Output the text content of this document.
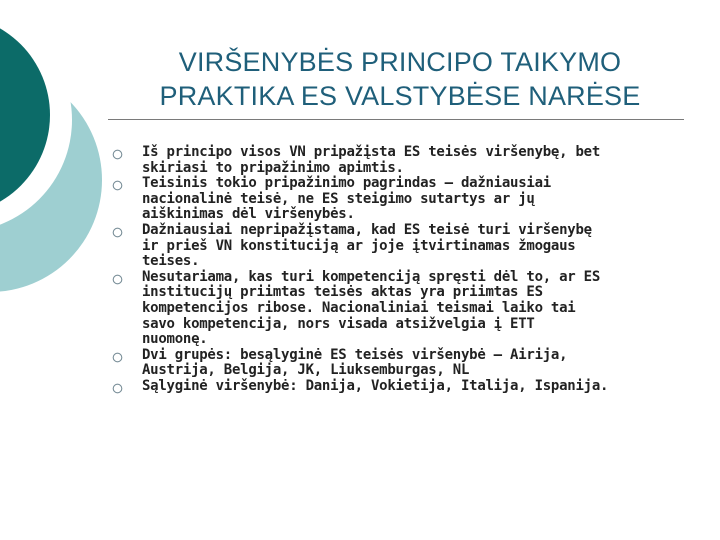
VIRŠENYBĖS PRINCIPO TAIKYMO
PRAKTIKA ES VALSTYBĖSE NARĖSE
Iš principo visos VN pripažįsta ES teisės viršenybę, bet
skiriasi to pripažinimo apimtis.
Teisinis tokio pripažinimo pagrindas – dažniausiai
nacionalinė teisė, ne ES steigimo sutartys ar jų
aiškinimas dėl viršenybės.
Dažniausiai nepripažįstama, kad ES teisė turi viršenybę
ir prieš VN konstituciją ar joje įtvirtinamas žmogaus
teises.
Nesutariama, kas turi kompetenciją spręsti dėl to, ar ES
institucijų priimtas teisės aktas yra priimtas ES
kompetencijos ribose. Nacionaliniai teismai laiko tai
savo kompetencija, nors visada atsižvelgia į ETT
nuomonę.
Dvi grupės: besąlyginė ES teisės viršenybė – Airija,
Austrija, Belgija, JK, Liuksemburgas, NL
Sąlyginė viršenybė: Danija, Vokietija, Italija, Ispanija.
